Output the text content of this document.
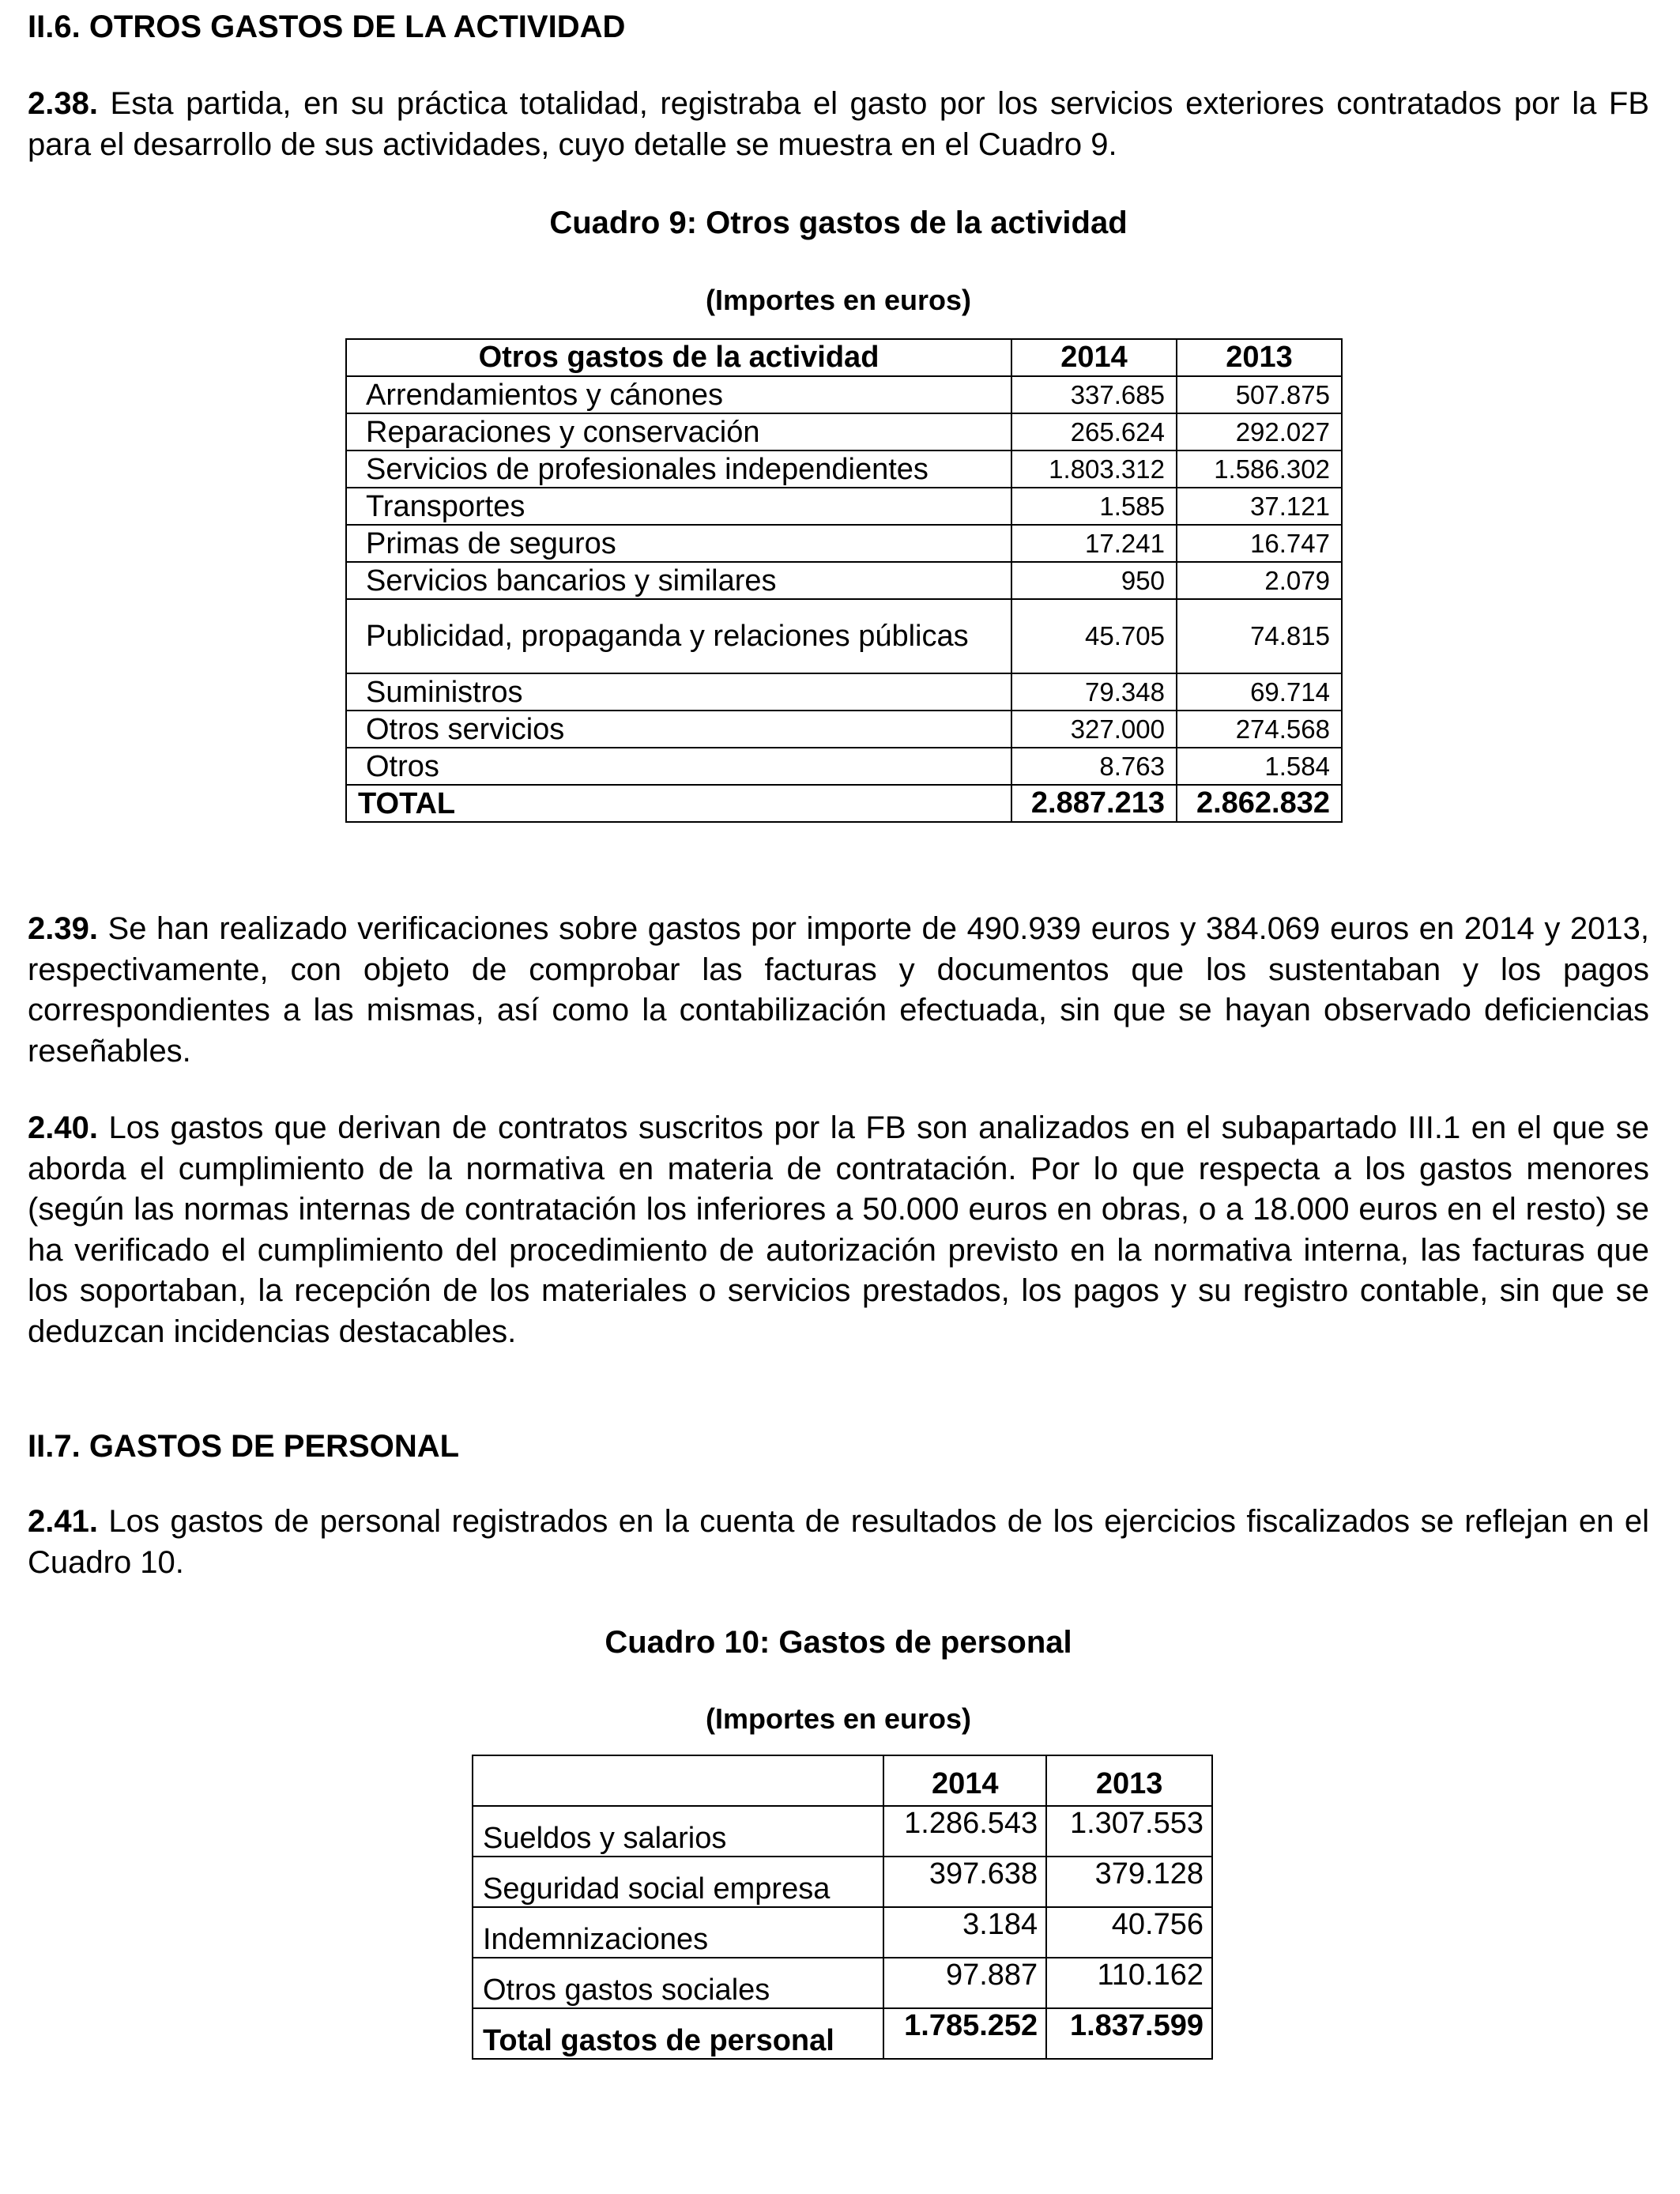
II.6. OTROS GASTOS DE LA ACTIVIDAD

2.38. Esta partida, en su práctica totalidad, registraba el gasto por los servicios exteriores contratados por la FB para el desarrollo de sus actividades, cuyo detalle se muestra en el Cuadro 9.

Cuadro 9: Otros gastos de la actividad

(Importes en euros)

Otros gastos de la actividad	2014	2013
Arrendamientos y cánones	337.685	507.875
Reparaciones y conservación	265.624	292.027
Servicios de profesionales independientes	1.803.312	1.586.302
Transportes	1.585	37.121
Primas de seguros	17.241	16.747
Servicios bancarios y similares	950	2.079
Publicidad, propaganda y relaciones públicas	45.705	74.815
Suministros	79.348	69.714
Otros servicios	327.000	274.568
Otros	8.763	1.584
TOTAL	2.887.213	2.862.832

2.39. Se han realizado verificaciones sobre gastos por importe de 490.939 euros y 384.069 euros en 2014 y 2013, respectivamente, con objeto de comprobar las facturas y documentos que los sustentaban y los pagos correspondientes a las mismas, así como la contabilización efectuada, sin que se hayan observado deficiencias reseñables.

2.40. Los gastos que derivan de contratos suscritos por la FB son analizados en el subapartado III.1 en el que se aborda el cumplimiento de la normativa en materia de contratación. Por lo que respecta a los gastos menores (según las normas internas de contratación los inferiores a 50.000 euros en obras, o a 18.000 euros en el resto) se ha verificado el cumplimiento del procedimiento de autorización previsto en la normativa interna, las facturas que los soportaban, la recepción de los materiales o servicios prestados, los pagos y su registro contable, sin que se deduzcan incidencias destacables.

II.7. GASTOS DE PERSONAL

2.41. Los gastos de personal registrados en la cuenta de resultados de los ejercicios fiscalizados se reflejan en el Cuadro 10.

Cuadro 10: Gastos de personal

(Importes en euros)

	2014	2013
Sueldos y salarios	1.286.543	1.307.553
Seguridad social empresa	397.638	379.128
Indemnizaciones	3.184	40.756
Otros gastos sociales	97.887	110.162
Total gastos de personal	1.785.252	1.837.599
